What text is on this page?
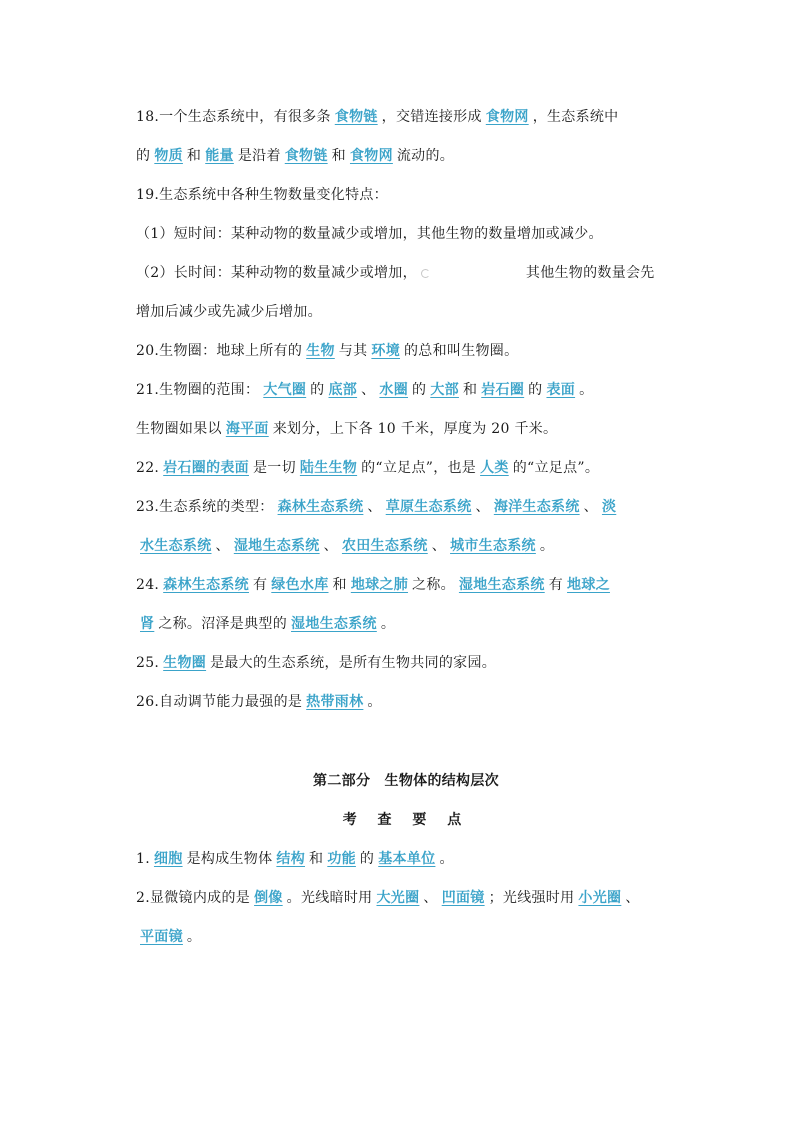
18.一个生态系统中，有很多条 食物链 ，交错连接形成 食物网 ，生态系统中
的 物质 和 能量 是沿着 食物链 和 食物网 流动的。
19.生态系统中各种生物数量变化特点：
（1）短时间：某种动物的数量减少或增加，其他生物的数量增加或减少。
（2）长时间：某种动物的数量减少或增加，	其他生物的数量会先
增加后减少或先减少后增加。
20.生物圈：地球上所有的 生物 与其 环境 的总和叫生物圈。
21.生物圈的范围： 大气圈 的 底部 、 水圈 的 大部 和 岩石圈 的 表面 。
生物圈如果以 海平面 来划分，上下各 10 千米，厚度为 20 千米。
22. 岩石圈的表面 是一切 陆生生物 的“立足点”，也是 人类 的“立足点”。
23.生态系统的类型： 森林生态系统 、 草原生态系统 、 海洋生态系统 、 淡
水生态系统 、 湿地生态系统 、 农田生态系统 、 城市生态系统 。
24. 森林生态系统 有 绿色水库 和 地球之肺 之称。 湿地生态系统 有 地球之
肾 之称。沼泽是典型的 湿地生态系统 。
25. 生物圈 是最大的生态系统，是所有生物共同的家园。
26.自动调节能力最强的是 热带雨林 。
第二部分　生物体的结构层次
考 查 要 点
1. 细胞 是构成生物体 结构 和 功能 的 基本单位 。
2.显微镜内成的是 倒像 。光线暗时用 大光圈 、 凹面镜 ；光线强时用 小光圈 、
平面镜 。
